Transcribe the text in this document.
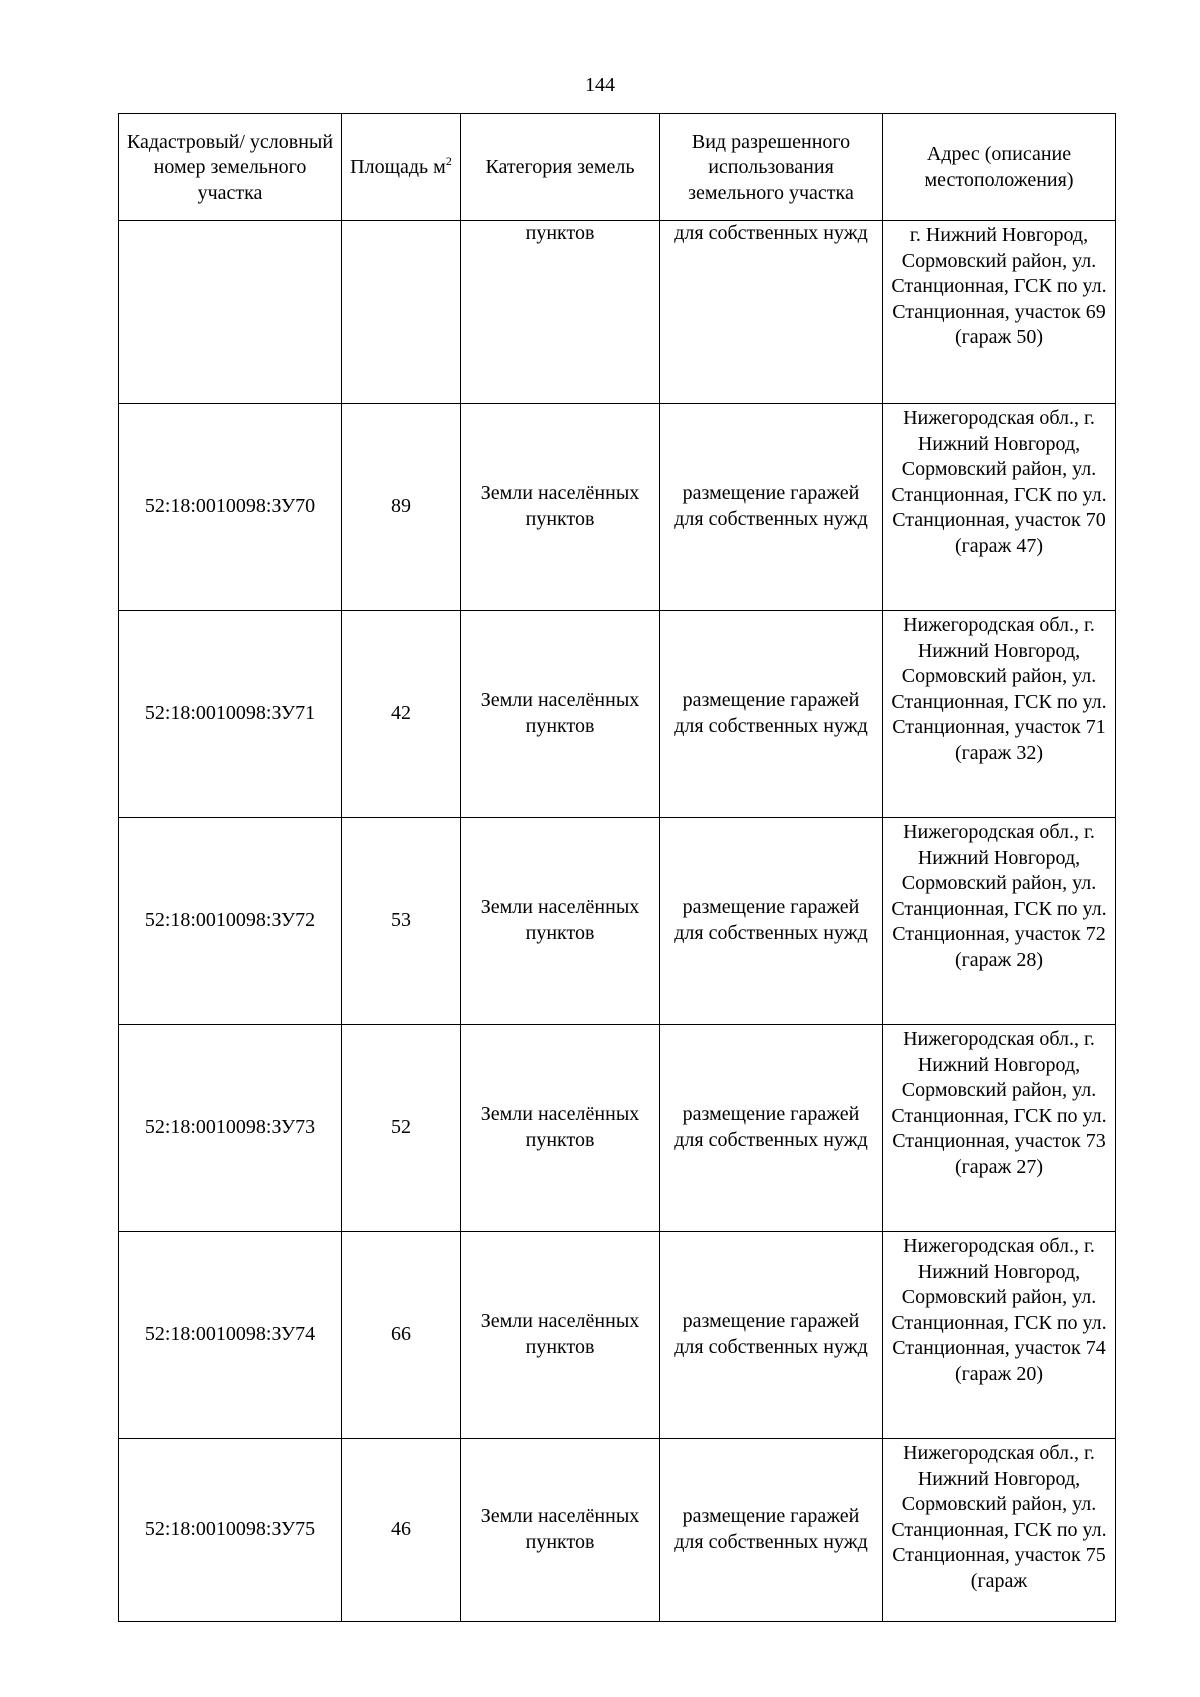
144
Кадастровый/ условный номер земельного участка	Площадь $м^2$	Категория земель	Вид разрешенного использования земельного участка	Адрес (описание местоположения)
		пунктов	для собственных нужд	г. Нижний Новгород, Сормовский район, ул. Станционная, ГСК по ул. Станционная, участок 69 (гараж 50)
52:18:0010098:ЗУ70	89	Земли населённых пунктов	размещение гаражей для собственных нужд	Нижегородская обл., г. Нижний Новгород, Сормовский район, ул. Станционная, ГСК по ул. Станционная, участок 70 (гараж 47)
52:18:0010098:ЗУ71	42	Земли населённых пунктов	размещение гаражей для собственных нужд	Нижегородская обл., г. Нижний Новгород, Сормовский район, ул. Станционная, ГСК по ул. Станционная, участок 71 (гараж 32)
52:18:0010098:ЗУ72	53	Земли населённых пунктов	размещение гаражей для собственных нужд	Нижегородская обл., г. Нижний Новгород, Сормовский район, ул. Станционная, ГСК по ул. Станционная, участок 72 (гараж 28)
52:18:0010098:ЗУ73	52	Земли населённых пунктов	размещение гаражей для собственных нужд	Нижегородская обл., г. Нижний Новгород, Сормовский район, ул. Станционная, ГСК по ул. Станционная, участок 73 (гараж 27)
52:18:0010098:ЗУ74	66	Земли населённых пунктов	размещение гаражей для собственных нужд	Нижегородская обл., г. Нижний Новгород, Сормовский район, ул. Станционная, ГСК по ул. Станционная, участок 74 (гараж 20)
52:18:0010098:ЗУ75	46	Земли населённых пунктов	размещение гаражей для собственных нужд	Нижегородская обл., г. Нижний Новгород, Сормовский район, ул. Станционная, ГСК по ул. Станционная, участок 75 (гараж
